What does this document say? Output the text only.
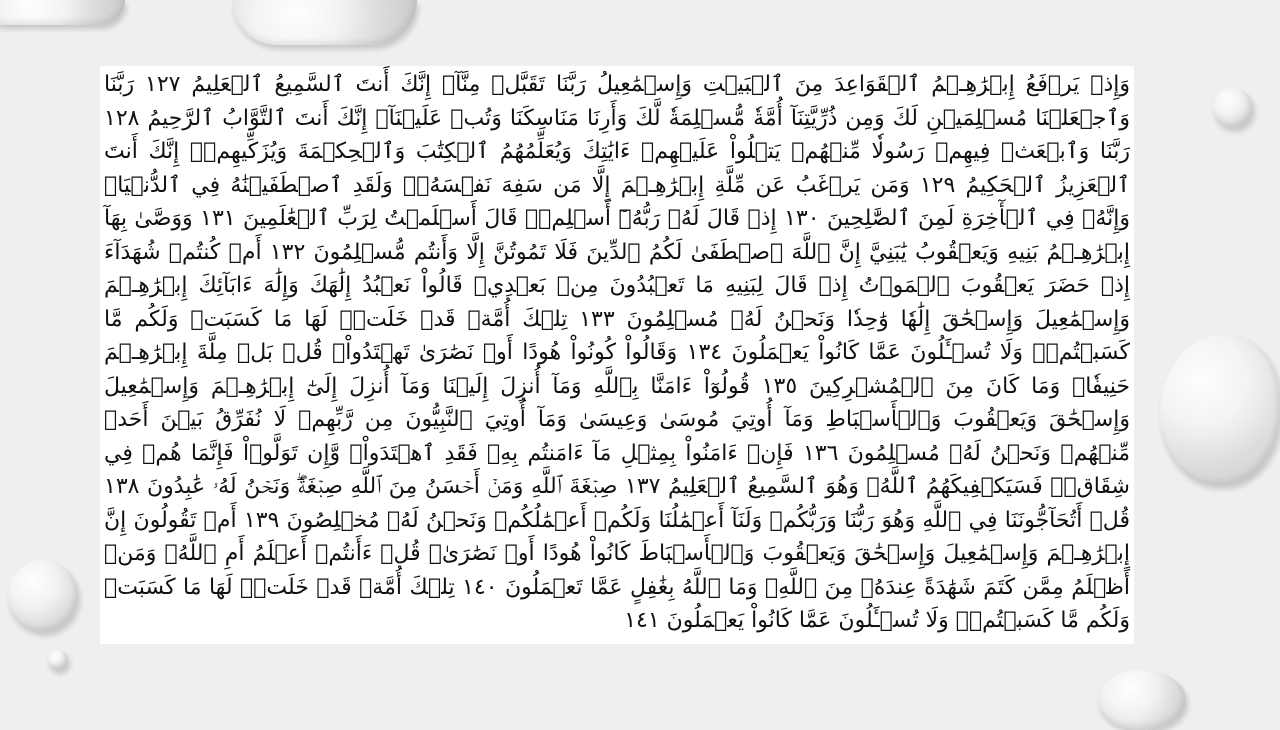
وَإِذۡ يَرۡفَعُ إِبۡرَٰهِـۧمُ ٱلۡقَوَاعِدَ مِنَ ٱلۡبَيۡتِ وَإِسۡمَٰعِيلُ رَبَّنَا تَقَبَّلۡ مِنَّآۖ إِنَّكَ أَنتَ ٱلسَّمِيعُ ٱلۡعَلِيمُ ١٢٧ رَبَّنَا وَٱجۡعَلۡنَا مُسۡلِمَيۡنِ لَكَ وَمِن ذُرِّيَّتِنَآ أُمَّةٗ مُّسۡلِمَةٗ لَّكَ وَأَرِنَا مَنَاسِكَنَا وَتُبۡ عَلَيۡنَآۖ إِنَّكَ أَنتَ ٱلتَّوَّابُ ٱلرَّحِيمُ ١٢٨ رَبَّنَا وَٱبۡعَثۡ فِيهِمۡ رَسُولٗا مِّنۡهُمۡ يَتۡلُواْ عَلَيۡهِمۡ ءَايَٰتِكَ وَيُعَلِّمُهُمُ ٱلۡكِتَٰبَ وَٱلۡحِكۡمَةَ وَيُزَكِّيهِمۡۖ إِنَّكَ أَنتَ ٱلۡعَزِيزُ ٱلۡحَكِيمُ ١٢٩ وَمَن يَرۡغَبُ عَن مِّلَّةِ إِبۡرَٰهِـۧمَ إِلَّا مَن سَفِهَ نَفۡسَهُۥۚ وَلَقَدِ ٱصۡطَفَيۡنَٰهُ فِي ٱلدُّنۡيَاۖ وَإِنَّهُۥ فِي ٱلۡأٓخِرَةِ لَمِنَ ٱلصَّٰلِحِينَ ١٣٠ إِذۡ قَالَ لَهُۥ رَبُّهُۥٓ أَسۡلِمۡۖ قَالَ أَسۡلَمۡتُ لِرَبِّ ٱلۡعَٰلَمِينَ ١٣١ وَوَصَّىٰ بِهَآ إِبۡرَٰهِـۧمُ بَنِيهِ وَيَعۡقُوبُ يَٰبَنِيَّ إِنَّ ٱللَّهَ ٱصۡطَفَىٰ لَكُمُ ٱلدِّينَ فَلَا تَمُوتُنَّ إِلَّا وَأَنتُم مُّسۡلِمُونَ ١٣٢ أَمۡ كُنتُمۡ شُهَدَآءَ إِذۡ حَضَرَ يَعۡقُوبَ ٱلۡمَوۡتُ إِذۡ قَالَ لِبَنِيهِ مَا تَعۡبُدُونَ مِنۢ بَعۡدِيۖ قَالُواْ نَعۡبُدُ إِلَٰهَكَ وَإِلَٰهَ ءَابَآئِكَ إِبۡرَٰهِـۧمَ وَإِسۡمَٰعِيلَ وَإِسۡحَٰقَ إِلَٰهٗا وَٰحِدٗا وَنَحۡنُ لَهُۥ مُسۡلِمُونَ ١٣٣ تِلۡكَ أُمَّةٞ قَدۡ خَلَتۡۖ لَهَا مَا كَسَبَتۡ وَلَكُم مَّا كَسَبۡتُمۡۖ وَلَا تُسۡـَٔلُونَ عَمَّا كَانُواْ يَعۡمَلُونَ ١٣٤ وَقَالُواْ كُونُواْ هُودًا أَوۡ نَصَٰرَىٰ تَهۡتَدُواْۗ قُلۡ بَلۡ مِلَّةَ إِبۡرَٰهِـۧمَ حَنِيفٗاۖ وَمَا كَانَ مِنَ ٱلۡمُشۡرِكِينَ ١٣٥ قُولُوٓاْ ءَامَنَّا بِٱللَّهِ وَمَآ أُنزِلَ إِلَيۡنَا وَمَآ أُنزِلَ إِلَىٰٓ إِبۡرَٰهِـۧمَ وَإِسۡمَٰعِيلَ وَإِسۡحَٰقَ وَيَعۡقُوبَ وَٱلۡأَسۡبَاطِ وَمَآ أُوتِيَ مُوسَىٰ وَعِيسَىٰ وَمَآ أُوتِيَ ٱلنَّبِيُّونَ مِن رَّبِّهِمۡ لَا نُفَرِّقُ بَيۡنَ أَحَدٖ مِّنۡهُمۡ وَنَحۡنُ لَهُۥ مُسۡلِمُونَ ١٣٦ فَإِنۡ ءَامَنُواْ بِمِثۡلِ مَآ ءَامَنتُم بِهِۦ فَقَدِ ٱهۡتَدَواْۖ وَّإِن تَوَلَّوۡاْ فَإِنَّمَا هُمۡ فِي شِقَاقٖۖ فَسَيَكۡفِيكَهُمُ ٱللَّهُۚ وَهُوَ ٱلسَّمِيعُ ٱلۡعَلِيمُ ١٣٧ صِبۡغَةَ ٱللَّهِ وَمَنۡ أَحۡسَنُ مِنَ ٱللَّهِ صِبۡغَةٗۖ وَنَحۡنُ لَهُۥ عَٰبِدُونَ ١٣٨ قُلۡ أَتُحَآجُّونَنَا فِي ٱللَّهِ وَهُوَ رَبُّنَا وَرَبُّكُمۡ وَلَنَآ أَعۡمَٰلُنَا وَلَكُمۡ أَعۡمَٰلُكُمۡ وَنَحۡنُ لَهُۥ مُخۡلِصُونَ ١٣٩ أَمۡ تَقُولُونَ إِنَّ إِبۡرَٰهِـۧمَ وَإِسۡمَٰعِيلَ وَإِسۡحَٰقَ وَيَعۡقُوبَ وَٱلۡأَسۡبَاطَ كَانُواْ هُودًا أَوۡ نَصَٰرَىٰۗ قُلۡ ءَأَنتُمۡ أَعۡلَمُ أَمِ ٱللَّهُۗ وَمَنۡ أَظۡلَمُ مِمَّن كَتَمَ شَهَٰدَةً عِندَهُۥ مِنَ ٱللَّهِۗ وَمَا ٱللَّهُ بِغَٰفِلٍ عَمَّا تَعۡمَلُونَ ١٤٠ تِلۡكَ أُمَّةٞ قَدۡ خَلَتۡۖ لَهَا مَا كَسَبَتۡ وَلَكُم مَّا كَسَبۡتُمۡۖ وَلَا تُسۡـَٔلُونَ عَمَّا كَانُواْ يَعۡمَلُونَ ١٤١
